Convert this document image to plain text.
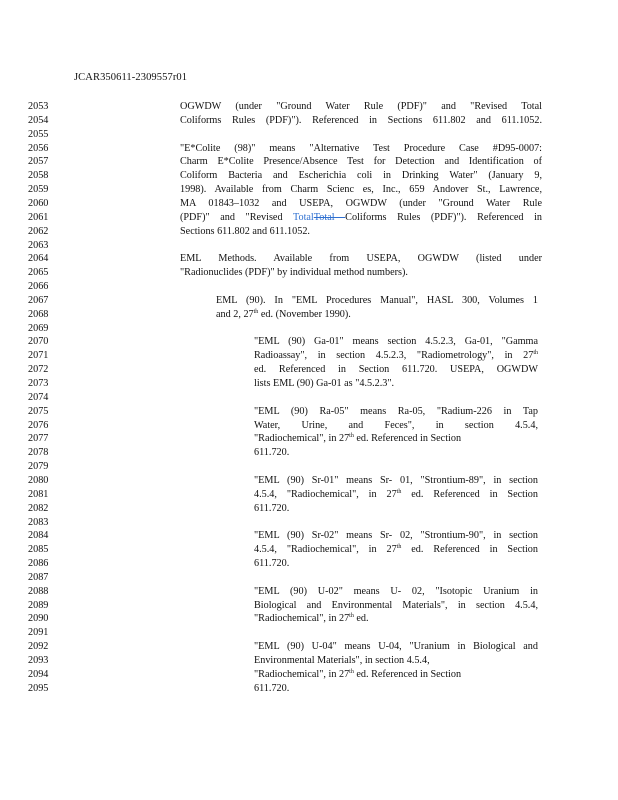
JCAR350611-2309557r01
2053	OGWDW (under "Ground Water Rule (PDF)" and "Revised Total
2054	Coliforms Rules (PDF)"). Referenced in Sections 611.802 and 611.1052.
2055
2056	"E*Colite (98)" means "Alternative Test Procedure Case #D95-0007:
2057	Charm E*Colite Presence/Absence Test for Detection and Identification of
2058	Coliform Bacteria and Escherichia coli in Drinking Water" (January 9,
2059	1998). Available from Charm Scienc es, Inc., 659 Andover St., Lawrence,
2060	MA 01843–1032 and USEPA, OGWDW (under "Ground Water Rule
2061	(PDF)" and "Revised TotalTotal Coliforms Rules (PDF)"). Referenced in
2062	Sections 611.802 and 611.1052.
2063
2064	EML Methods. Available from USEPA, OGWDW (listed under
2065	"Radionuclides (PDF)" by individual method numbers).
2066
2067	EML (90). In "EML Procedures Manual", HASL 300, Volumes 1
2068	and 2, 27th ed. (November 1990).
2069
2070	"EML (90) Ga-01" means section 4.5.2.3, Ga-01, "Gamma
2071	Radioassay", in section 4.5.2.3, "Radiometrology", in 27th
2072	ed. Referenced in Section 611.720. USEPA, OGWDW
2073	lists EML (90) Ga-01 as "4.5.2.3".
2074
2075	"EML (90) Ra-05" means Ra-05, "Radium-226 in Tap
2076	Water, Urine, and Feces", in section 4.5.4,
2077	"Radiochemical", in 27th ed. Referenced in Section
2078	611.720.
2079
2080	"EML (90) Sr-01" means Sr- 01, "Strontium-89", in section
2081	4.5.4, "Radiochemical", in 27th ed. Referenced in Section
2082	611.720.
2083
2084	"EML (90) Sr-02" means Sr- 02, "Strontium-90", in section
2085	4.5.4, "Radiochemical", in 27th ed. Referenced in Section
2086	611.720.
2087
2088	"EML (90) U-02" means U- 02, "Isotopic Uranium in
2089	Biological and Environmental Materials", in section 4.5.4,
2090	"Radiochemical", in 27th ed.
2091
2092	"EML (90) U-04" means U-04, "Uranium in Biological and
2093	Environmental Materials", in section 4.5.4,
2094	"Radiochemical", in 27th ed. Referenced in Section
2095	611.720.
